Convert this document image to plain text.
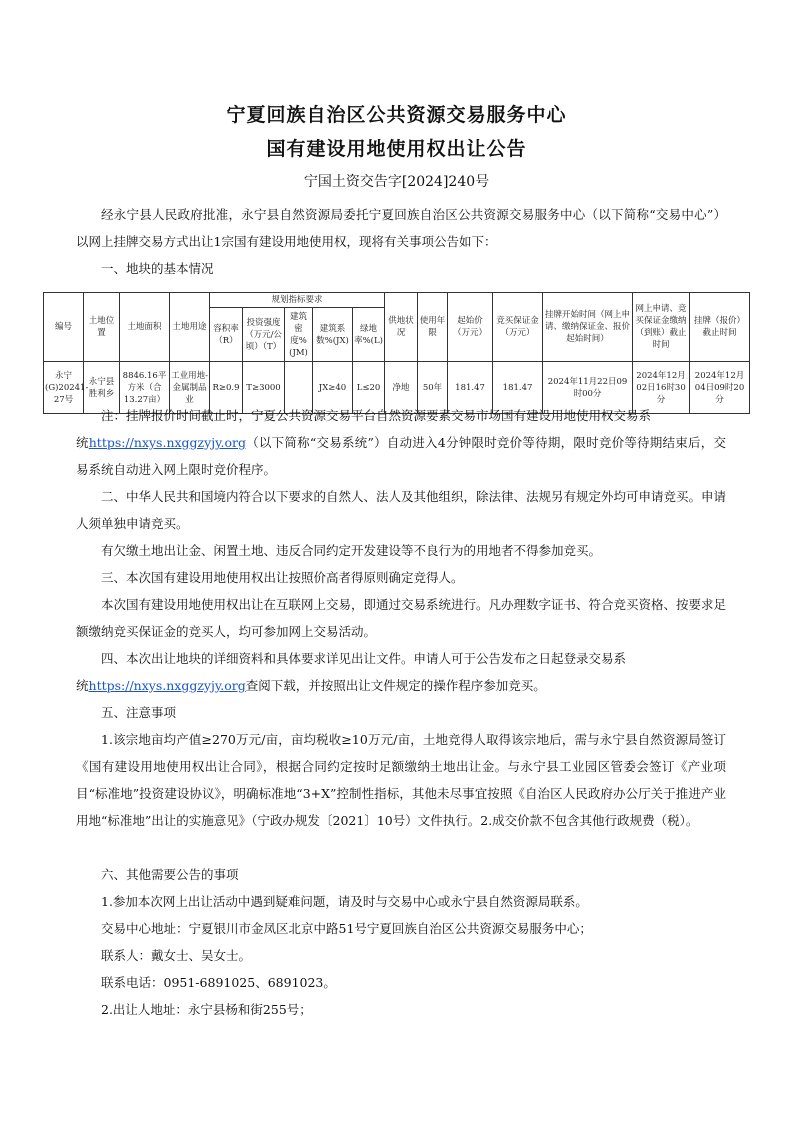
宁夏回族自治区公共资源交易服务中心
国有建设用地使用权出让公告
宁国土资交告字[2024]240号
经永宁县人民政府批准，永宁县自然资源局委托宁夏回族自治区公共资源交易服务中心（以下简称“交易中心”）以网上挂牌交易方式出让1宗国有建设用地使用权，现将有关事项公告如下：
一、地块的基本情况
编号	土地位置	土地面积	土地用途	规划指标要求					供地状况	使用年限	起始价（万元）	竞买保证金（万元）	挂牌开始时间（网上申请、缴纳保证金、报价起始时间）	网上申请、竞买保证金缴纳（到账）截止时间	挂牌（报价）截止时间
				容积率（R）	投资强度（万元/公顷）（T）	建筑密度%(JM)	建筑系数%(JX)	绿地率%(L)							
永宁(G)20241-27号	永宁县胜利乡	8846.16平方米（合13.27亩）	工业用地-金属制品业	R≥0.9	T≥3000		JX≥40	L≤20	净地	50年	181.47	181.47	2024年11月22日09时00分	2024年12月02日16时30分	2024年12月04日09时20分
注：挂牌报价时间截止时，宁夏公共资源交易平台自然资源要素交易市场国有建设用地使用权交易系
统https://nxys.nxggzyjy.org（以下简称“交易系统”）自动进入4分钟限时竞价等待期，限时竞价等待期结束后，交易系统自动进入网上限时竞价程序。
二、中华人民共和国境内符合以下要求的自然人、法人及其他组织，除法律、法规另有规定外均可申请竞买。申请人须单独申请竞买。
有欠缴土地出让金、闲置土地、违反合同约定开发建设等不良行为的用地者不得参加竞买。
三、本次国有建设用地使用权出让按照价高者得原则确定竞得人。
本次国有建设用地使用权出让在互联网上交易，即通过交易系统进行。凡办理数字证书、符合竞买资格、按要求足额缴纳竞买保证金的竞买人，均可参加网上交易活动。
四、本次出让地块的详细资料和具体要求详见出让文件。申请人可于公告发布之日起登录交易系
统https://nxys.nxggzyjy.org查阅下载，并按照出让文件规定的操作程序参加竞买。
五、注意事项
1.该宗地亩均产值≥270万元/亩，亩均税收≥10万元/亩，土地竞得人取得该宗地后，需与永宁县自然资源局签订《国有建设用地使用权出让合同》，根据合同约定按时足额缴纳土地出让金。与永宁县工业园区管委会签订《产业项目“标准地”投资建设协议》，明确标准地“3+X”控制性指标，其他未尽事宜按照《自治区人民政府办公厅关于推进产业用地“标准地”出让的实施意见》（宁政办规发〔2021〕10号）文件执行。2.成交价款不包含其他行政规费（税）。
六、其他需要公告的事项
1.参加本次网上出让活动中遇到疑难问题，请及时与交易中心或永宁县自然资源局联系。
交易中心地址：宁夏银川市金凤区北京中路51号宁夏回族自治区公共资源交易服务中心；
联系人：戴女士、吴女士。
联系电话：0951-6891025、6891023。
2.出让人地址：永宁县杨和街255号；
